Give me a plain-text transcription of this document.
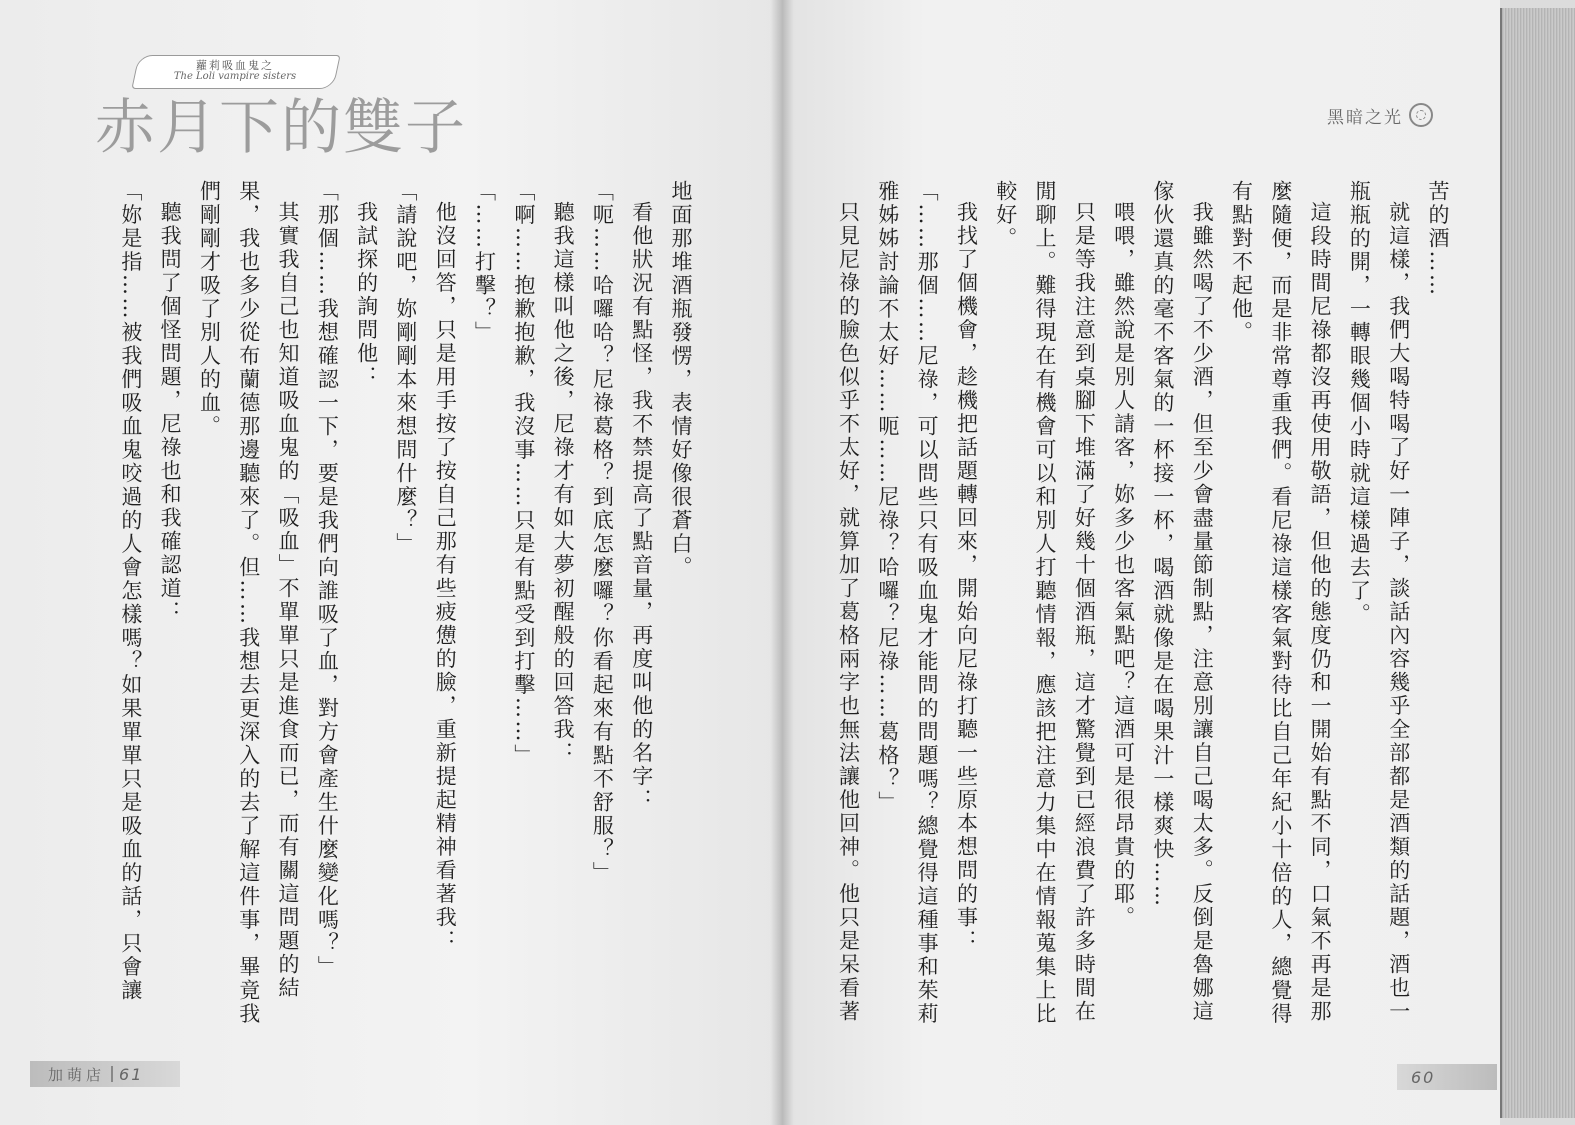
蘿莉吸血鬼之
The Loli vampire sisters
赤月下的雙子

地面那堆酒瓶發愣，表情好像很蒼白。

看他狀況有點怪，我不禁提高了點音量，再度叫他的名字：

「呃……哈囉哈？尼祿葛格？到底怎麼囉？你看起來有點不舒服？」

聽我這樣叫他之後，尼祿才有如大夢初醒般的回答我：

「啊……抱歉抱歉，我沒事……只是有點受到打擊……」

「……打擊？」

他沒回答，只是用手按了按自己那有些疲憊的臉，重新提起精神看著我：

「請說吧，妳剛剛本來想問什麼？」

我試探的詢問他：

「那個……我想確認一下，要是我們向誰吸了血，對方會產生什麼變化嗎？」

其實我自己也知道吸血鬼的「吸血」不單單只是進食而已，而有關這問題的結果，我也多少從布蘭德那邊聽來了。但……我想去更深入的去了解這件事，畢竟我們剛剛才吸了別人的血。

聽我問了個怪問題，尼祿也和我確認道：

「妳是指……被我們吸血鬼咬過的人會怎樣嗎？如果單單只是吸血的話，只會讓

加萌店 61
黑暗之光

苦的酒……

就這樣，我們大喝特喝了好一陣子，談話內容幾乎全部都是酒類的話題，酒也一瓶瓶的開，一轉眼幾個小時就這樣過去了。

這段時間尼祿都沒再使用敬語，但他的態度仍和一開始有點不同，口氣不再是那麼隨便，而是非常尊重我們。看尼祿這樣客氣對待比自己年紀小十倍的人，總覺得有點對不起他。

我雖然喝了不少酒，但至少會盡量節制點，注意別讓自己喝太多。反倒是魯娜這傢伙還真的毫不客氣的一杯接一杯，喝酒就像是在喝果汁一樣爽快……

喂喂，雖然說是別人請客，妳多少也客氣點吧？這酒可是很昂貴的耶。

只是等我注意到桌腳下堆滿了好幾十個酒瓶，這才驚覺到已經浪費了許多時間在閒聊上。難得現在有機會可以和別人打聽情報，應該把注意力集中在情報蒐集上比較好。

我找了個機會，趁機把話題轉回來，開始向尼祿打聽一些原本想問的事：

「……那個……尼祿，可以問些只有吸血鬼才能問的問題嗎？總覺得這種事和茱莉雅姊姊討論不太好……呃……尼祿？哈囉？尼祿……葛格？」

只見尼祿的臉色似乎不太好，就算加了葛格兩字也無法讓他回神。他只是呆看著

60
